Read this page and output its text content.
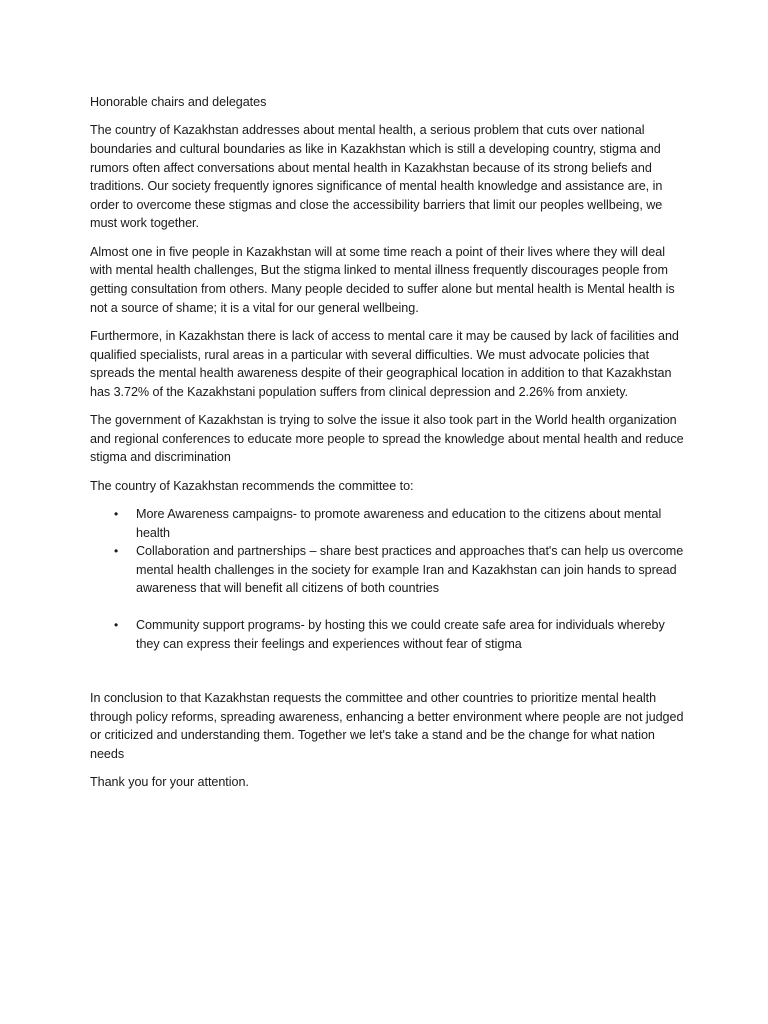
Honorable chairs and delegates

The country of Kazakhstan addresses about mental health, a serious problem that cuts over national boundaries and cultural boundaries as like in Kazakhstan which is still a developing country, stigma and rumors often affect conversations about mental health in Kazakhstan because of its strong beliefs and traditions. Our society frequently ignores significance of mental health knowledge and assistance are, in order to overcome these stigmas and close the accessibility barriers that limit our peoples wellbeing, we must work together.

Almost one in five people in Kazakhstan will at some time reach a point of their lives where they will deal with mental health challenges, But the stigma linked to mental illness frequently discourages people from getting consultation from others. Many people decided to suffer alone but mental health is Mental health is not a source of shame; it is a vital for our general wellbeing.

Furthermore, in Kazakhstan there is lack of access to mental care it may be caused by lack of facilities and qualified specialists, rural areas in a particular with several difficulties. We must advocate policies that spreads the mental health awareness despite of their geographical location in addition to that Kazakhstan has 3.72% of the Kazakhstani population suffers from clinical depression and 2.26% from anxiety.

The government of Kazakhstan is trying to solve the issue it also took part in the World health organization and regional conferences to educate more people to spread the knowledge about mental health and reduce stigma and discrimination

The country of Kazakhstan recommends the committee to:

• More Awareness campaigns- to promote awareness and education to the citizens about mental health
• Collaboration and partnerships – share best practices and approaches that's can help us overcome mental health challenges in the society for example Iran and Kazakhstan can join hands to spread awareness that will benefit all citizens of both countries
• Community support programs- by hosting this we could create safe area for individuals whereby they can express their feelings and experiences without fear of stigma

In conclusion to that Kazakhstan requests the committee and other countries to prioritize mental health through policy reforms, spreading awareness, enhancing a better environment where people are not judged or criticized and understanding them. Together we let's take a stand and be the change for what nation needs

Thank you for your attention.
